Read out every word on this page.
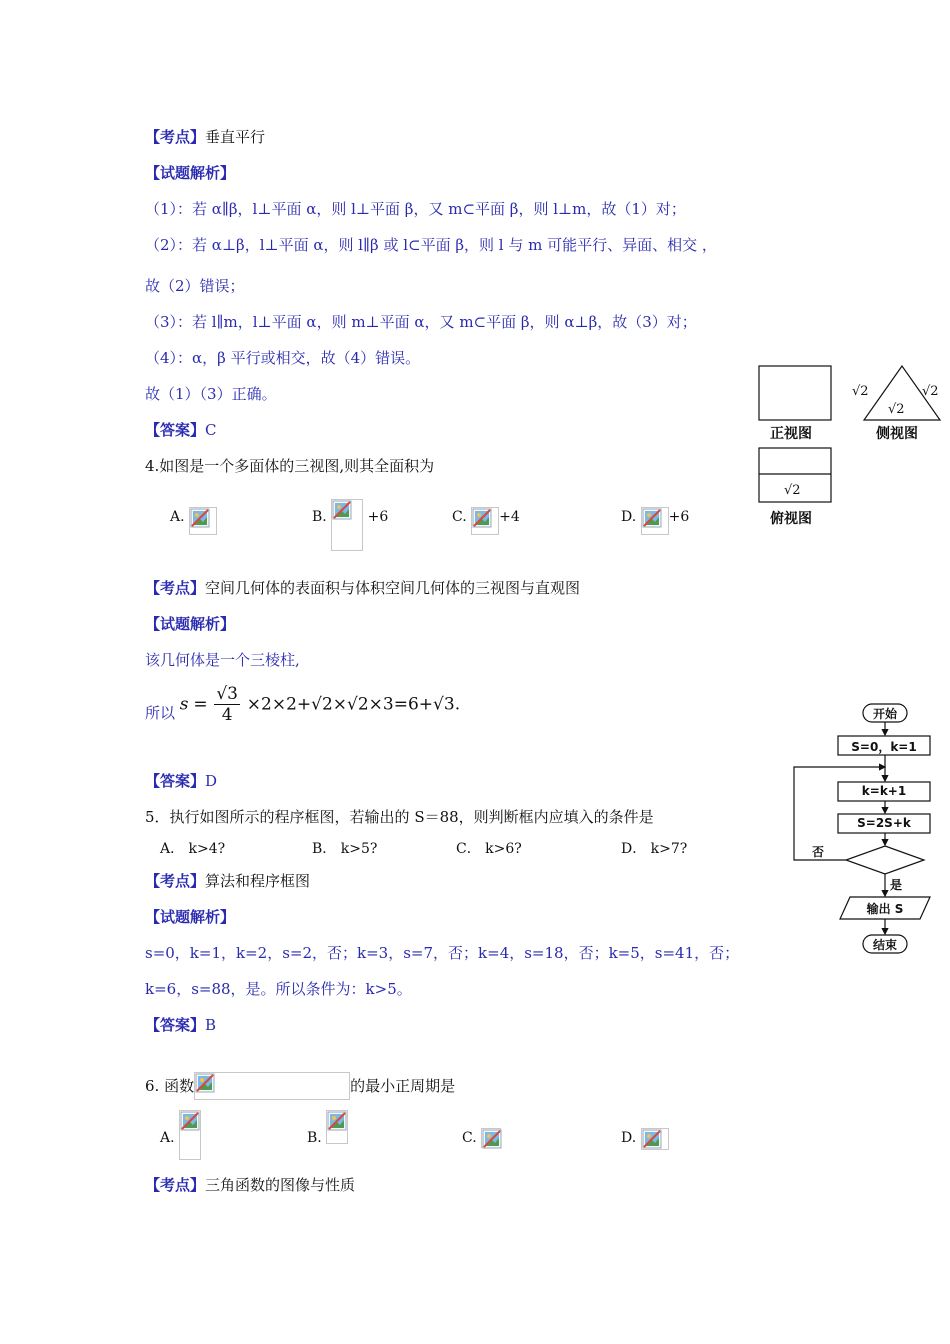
【考点】垂直平行
【试题解析】
（1）：若 α∥β，l⊥平面 α，则 l⊥平面 β，又 m⊂平面 β，则 l⊥m，故（1）对；
（2）：若 α⊥β，l⊥平面 α，则 l∥β 或 l⊂平面 β，则 l 与 m 可能平行、异面、相交 ，
故（2）错误；
（3）：若 l∥m，l⊥平面 α，则 m⊥平面 α，又 m⊂平面 β，则 α⊥β，故（3）对；
（4）：α，β 平行或相交，故（4）错误。
故（1）（3）正确。
【答案】C	正视图	侧视图
俯视图
√2	√2
√2
√2
4.如图是一个多面体的三视图,则其全面积为
A.	B.	+6	C. +4	D. +6
【考点】空间几何体的表面积与体积空间几何体的三视图与直观图
【试题解析】
该几何体是一个三棱柱,
所以 $s = \frac{√3}{4} \times 2\times 2+√2\times√2\times 3=6+√3$.
【答案】D
开始
S=0，k=1
k=k+1
S=2S+k
否
是
输出 S
结束
5．执行如图所示的程序框图，若输出的 S＝88，则判断框内应填入的条件是
A． k>4?	B． k>5?	C． k>6?	D． k>7?
【考点】算法和程序框图
【试题解析】
s=0，k=1，k=2，s=2，否；k=3，s=7，否；k=4，s=18，否；k=5，s=41，否；
k=6，s=88，是。所以条件为：k>5。
【答案】B
6. 函数	的最小正周期是
A.	B.	C.	D.
【考点】三角函数的图像与性质
